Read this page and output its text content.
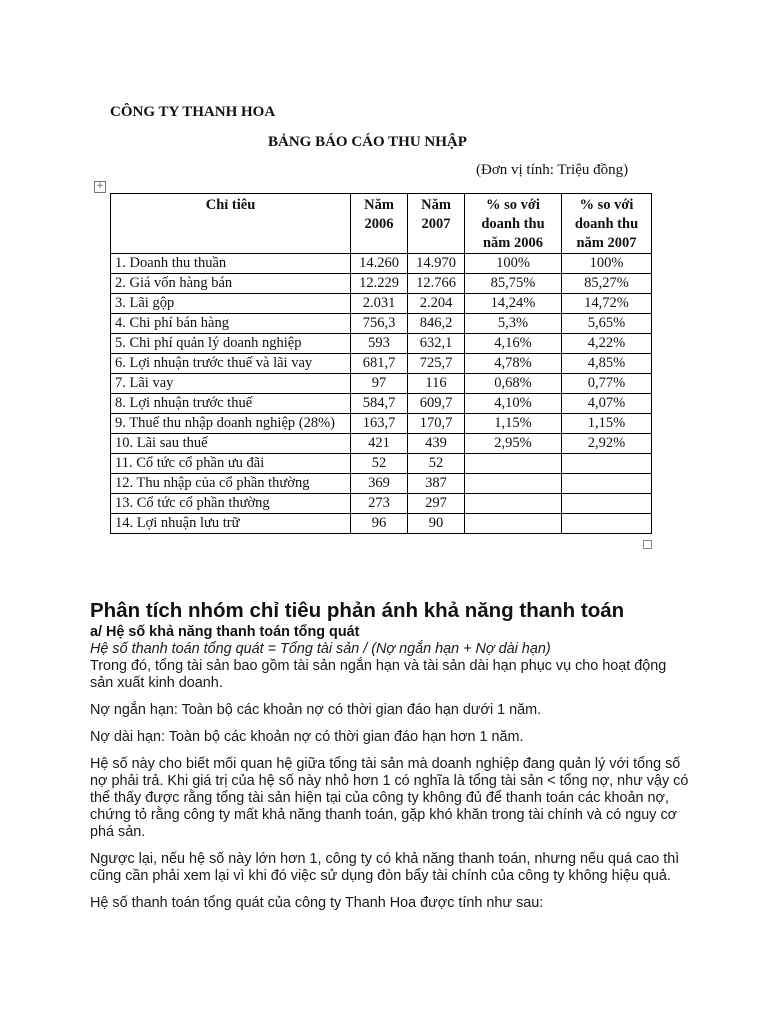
CÔNG TY THANH HOA
BẢNG BÁO CÁO THU NHẬP
(Đơn vị tính: Triệu đồng)
+
Chỉ tiêu	Năm 2006	Năm 2007	% so với doanh thu năm 2006	% so với doanh thu năm 2007
1. Doanh thu thuần	14.260	14.970	100%	100%
2. Giá vốn hàng bán	12.229	12.766	85,75%	85,27%
3. Lãi gộp	2.031	2.204	14,24%	14,72%
4. Chi phí bán hàng	756,3	846,2	5,3%	5,65%
5. Chi phí quản lý doanh nghiệp	593	632,1	4,16%	4,22%
6. Lợi nhuận trước thuế và lãi vay	681,7	725,7	4,78%	4,85%
7. Lãi vay	97	116	0,68%	0,77%
8. Lợi nhuận trước thuế	584,7	609,7	4,10%	4,07%
9. Thuế thu nhập doanh nghiệp (28%)	163,7	170,7	1,15%	1,15%
10. Lãi sau thuế	421	439	2,95%	2,92%
11. Cổ tức cổ phần ưu đãi	52	52		
12. Thu nhập của cổ phần thường	369	387		
13. Cổ tức cổ phần thường	273	297		
14. Lợi nhuận lưu trữ	96	90		
Phân tích nhóm chỉ tiêu phản ánh khả năng thanh toán
a/ Hệ số khả năng thanh toán tổng quát
Hệ số thanh toán tổng quát = Tổng tài sản / (Nợ ngắn hạn + Nợ dài hạn)

Trong đó, tổng tài sản bao gồm tài sản ngắn hạn và tài sản dài hạn phục vụ cho hoạt động sản xuất kinh doanh.

Nợ ngắn hạn: Toàn bộ các khoản nợ có thời gian đáo hạn dưới 1 năm.

Nợ dài hạn: Toàn bộ các khoản nợ có thời gian đáo hạn hơn 1 năm.

Hệ số này cho biết mối quan hệ giữa tổng tài sản mà doanh nghiệp đang quản lý với tổng số nợ phải trả. Khi giá trị của hệ số này nhỏ hơn 1 có nghĩa là tổng tài sản < tổng nợ, như vậy có thể thấy được rằng tổng tài sản hiện tại của công ty không đủ để thanh toán các khoản nợ, chứng tỏ rằng công ty mất khả năng thanh toán, gặp khó khăn trong tài chính và có nguy cơ phá sản.

Ngược lại, nếu hệ số này lớn hơn 1, công ty có khả năng thanh toán, nhưng nếu quá cao thì cũng cần phải xem lại vì khi đó việc sử dụng đòn bẩy tài chính của công ty không hiệu quả.

Hệ số thanh toán tổng quát của công ty Thanh Hoa được tính như sau:
